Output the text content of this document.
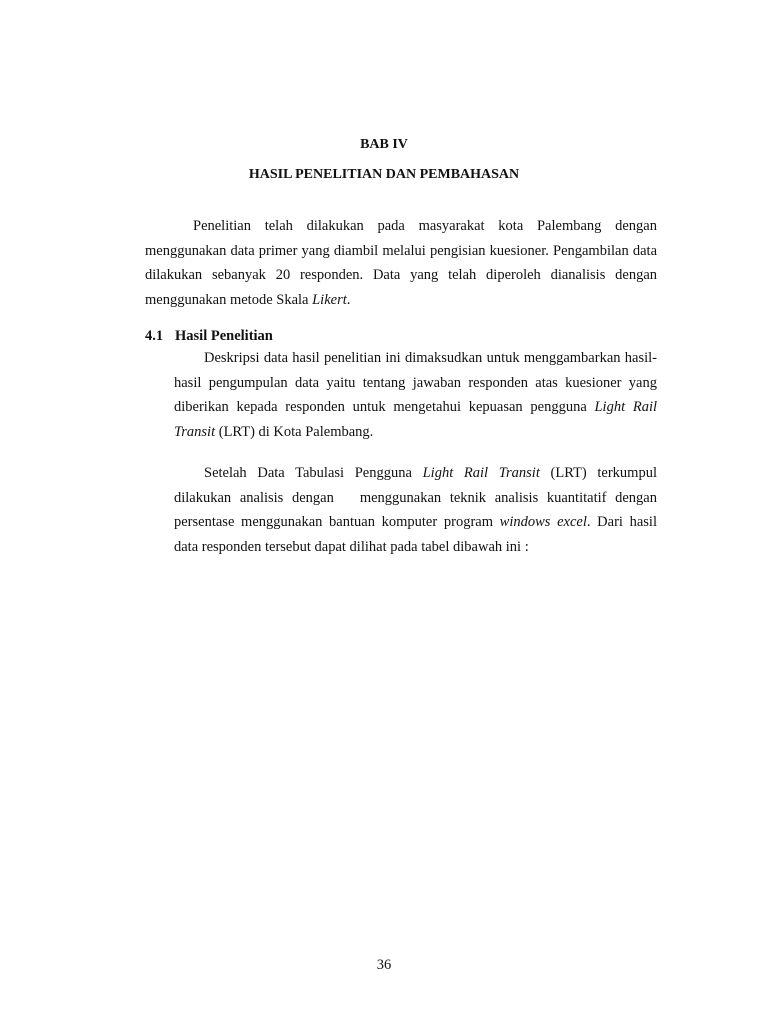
BAB IV
HASIL PENELITIAN DAN PEMBAHASAN

Penelitian telah dilakukan pada masyarakat kota Palembang dengan menggunakan data primer yang diambil melalui pengisian kuesioner. Pengambilan data dilakukan sebanyak 20 responden. Data yang telah diperoleh dianalisis dengan menggunakan metode Skala Likert.

4.1 Hasil Penelitian

Deskripsi data hasil penelitian ini dimaksudkan untuk menggambarkan hasil-hasil pengumpulan data yaitu tentang jawaban responden atas kuesioner yang diberikan kepada responden untuk mengetahui kepuasan pengguna Light Rail Transit (LRT) di Kota Palembang.

Setelah Data Tabulasi Pengguna Light Rail Transit (LRT) terkumpul dilakukan analisis dengan   menggunakan teknik analisis kuantitatif dengan persentase menggunakan bantuan komputer program windows excel. Dari hasil data responden tersebut dapat dilihat pada tabel dibawah ini :

36
